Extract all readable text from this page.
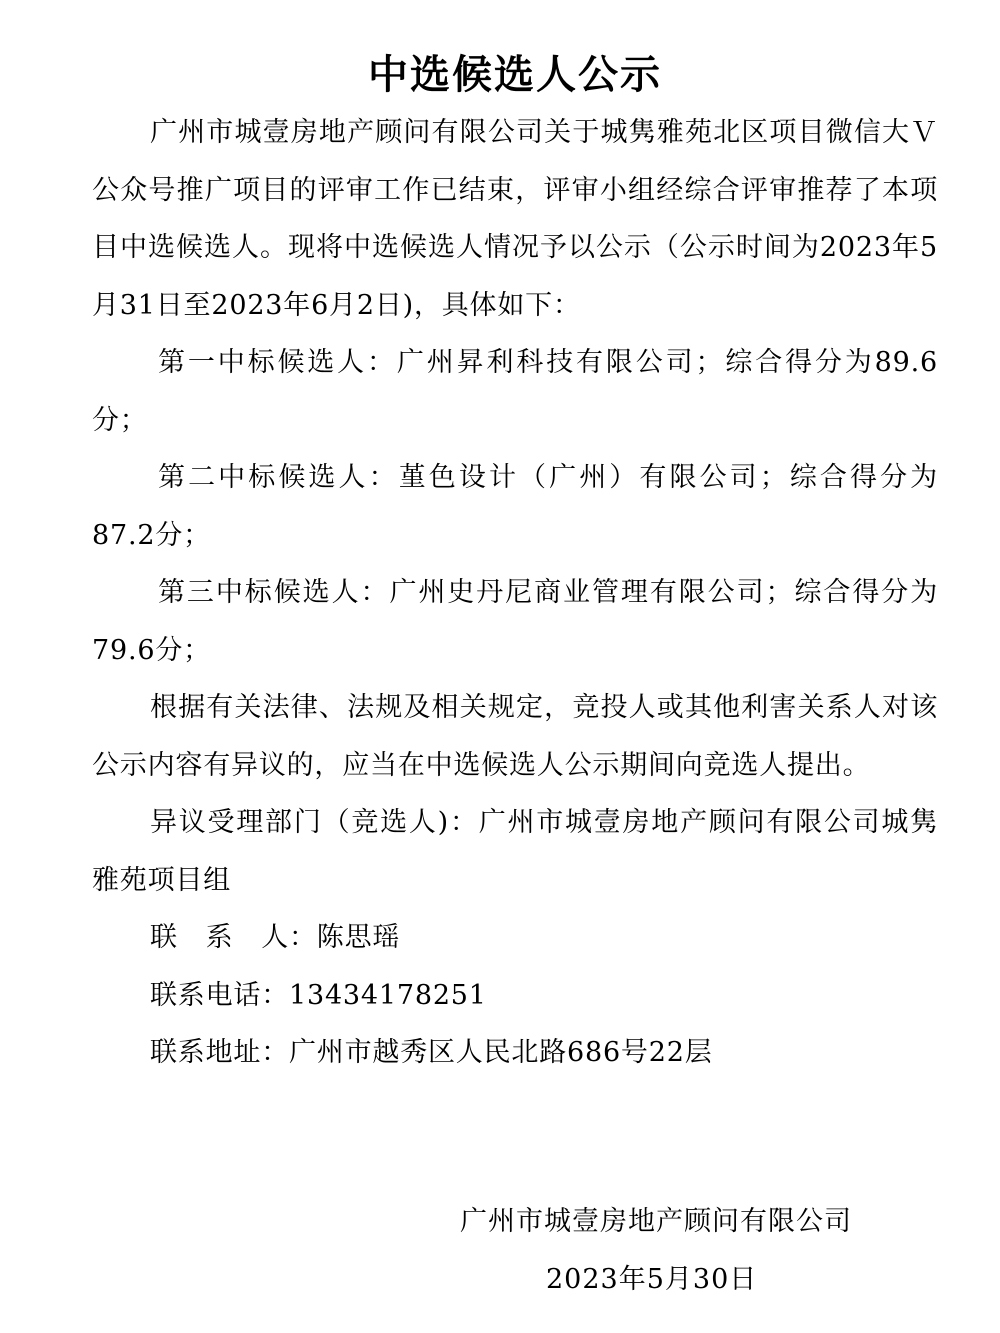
中选候选人公示

广州市城壹房地产顾问有限公司关于城隽雅苑北区项目微信大Ｖ公众号推广项目的评审工作已结束，评审小组经综合评审推荐了本项目中选候选人。现将中选候选人情况予以公示（公示时间为2023年5月31日至2023年6月2日)，具体如下：

第一中标候选人：广州昇利科技有限公司；综合得分为89.6分；

第二中标候选人：堇色设计（广州）有限公司；综合得分为87.2分；

第三中标候选人：广州史丹尼商业管理有限公司；综合得分为79.6分；

根据有关法律、法规及相关规定，竞投人或其他利害关系人对该公示内容有异议的，应当在中选候选人公示期间向竞选人提出。

异议受理部门（竞选人)：广州市城壹房地产顾问有限公司城隽雅苑项目组

联　系　人：陈思瑶

联系电话：13434178251

联系地址：广州市越秀区人民北路686号22层

广州市城壹房地产顾问有限公司
2023年5月30日
